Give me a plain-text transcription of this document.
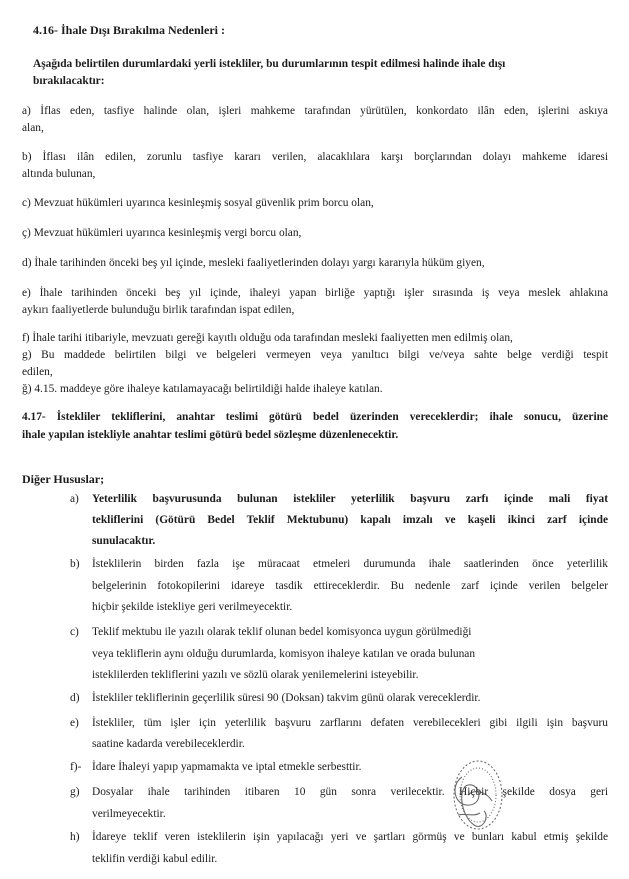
4.16- İhale Dışı Bırakılma Nedenleri :
Aşağıda belirtilen durumlardaki yerli istekliler, bu durumlarının tespit edilmesi halinde ihale dışı
bırakılacaktır:
a) İflas eden, tasfiye halinde olan, işleri mahkeme tarafından yürütülen, konkordato ilân eden, işlerini askıya
alan,
b) İflası ilân edilen, zorunlu tasfiye kararı verilen, alacaklılara karşı borçlarından dolayı mahkeme idaresi
altında bulunan,
c) Mevzuat hükümleri uyarınca kesinleşmiş sosyal güvenlik prim borcu olan,
ç) Mevzuat hükümleri uyarınca kesinleşmiş vergi borcu olan,
d) İhale tarihinden önceki beş yıl içinde, mesleki faaliyetlerinden dolayı yargı kararıyla hüküm giyen,
e) İhale tarihinden önceki beş yıl içinde, ihaleyi yapan birliğe yaptığı işler sırasında iş veya meslek ahlakına
aykırı faaliyetlerde bulunduğu birlik tarafından ispat edilen,
f) İhale tarihi itibariyle, mevzuatı gereği kayıtlı olduğu oda tarafından mesleki faaliyetten men edilmiş olan,
g) Bu maddede belirtilen bilgi ve belgeleri vermeyen veya yanıltıcı bilgi ve/veya sahte belge verdiği tespit
edilen,
ğ) 4.15. maddeye göre ihaleye katılamayacağı belirtildiği halde ihaleye katılan.
4.17- İstekliler tekliflerini, anahtar teslimi götürü bedel üzerinden vereceklerdir; ihale sonucu, üzerine
ihale yapılan istekliyle anahtar teslimi götürü bedel sözleşme düzenlenecektir.
Diğer Hususlar;
a) Yeterlilik başvurusunda bulunan istekliler yeterlilik başvuru zarfı içinde mali fiyat
tekliflerini (Götürü Bedel Teklif Mektubunu) kapalı imzalı ve kaşeli ikinci zarf içinde
sunulacaktır.
b) İsteklilerin birden fazla işe müracaat etmeleri durumunda ihale saatlerinden önce yeterlilik
belgelerinin fotokopilerini idareye tasdik ettireceklerdir. Bu nedenle zarf içinde verilen belgeler
hiçbir şekilde istekliye geri verilmeyecektir.
c) Teklif mektubu ile yazılı olarak teklif olunan bedel komisyonca uygun görülmediği
veya tekliflerin aynı olduğu durumlarda, komisyon ihaleye katılan ve orada bulunan
isteklilerden tekliflerini yazılı ve sözlü olarak yenilemelerini isteyebilir.
d) İstekliler tekliflerinin geçerlilik süresi 90 (Doksan) takvim günü olarak vereceklerdir.
e) İstekliler, tüm işler için yeterlilik başvuru zarflarını defaten verebilecekleri gibi ilgili işin başvuru
saatine kadarda verebileceklerdir.
f)- İdare İhaleyi yapıp yapmamakta ve iptal etmekle serbesttir.
g) Dosyalar ihale tarihinden itibaren 10 gün sonra verilecektir. Hiçbir şekilde dosya geri
verilmeyecektir.
h) İdareye teklif veren isteklilerin işin yapılacağı yeri ve şartları görmüş ve bunları kabul etmiş şekilde
teklifin verdiği kabul edilir.
